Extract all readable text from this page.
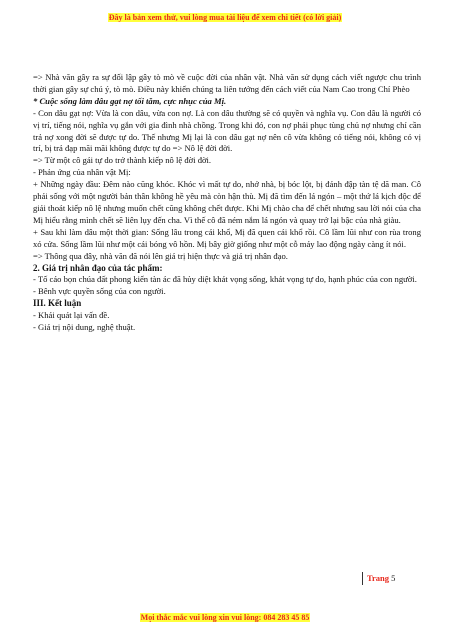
Đây là bản xem thử, vui lòng mua tài liệu để xem chi tiết (có lời giải)

=> Nhà văn gây ra sự đối lập gây tò mò về cuộc đời của nhân vật. Nhà văn sử dụng cách viết ngược chu trình thời gian gây sự chú ý, tò mò. Điều này khiến chúng ta liên tưởng đến cách viết của Nam Cao trong Chí Phèo

* Cuộc sống làm dâu gạt nợ tối tăm, cực nhục của Mị.

- Con dâu gạt nợ: Vừa là con dâu, vừa con nợ. Là con dâu thường sẽ có quyền và nghĩa vụ. Con dâu là người có vị trí, tiếng nói, nghĩa vụ gắn với gia đình nhà chồng. Trong khi đó, con nợ phải phục tùng chủ nợ nhưng chỉ cần trả nợ xong đời sẽ được tự do. Thế nhưng Mị lại là con dâu gạt nợ nên cô vừa không có tiếng nói, không có vị trí, bị trả đạp mãi mãi không được tự do => Nô lệ đời đời.

=> Từ một cô gái tự do trở thành kiếp nô lệ đời đời.

- Phản ứng của nhân vật Mị:

+ Những ngày đầu: Đêm nào cũng khóc. Khóc vì mất tự do, nhớ nhà, bị bóc lột, bị đánh đập tàn tệ dã man. Cô phải sống với một người bản thân không hề yêu mà còn hận thù. Mị đã tìm đến lá ngón – một thứ lá kịch độc để giải thoát kiếp nô lệ nhưng muốn chết cũng không chết được. Khi Mị chào cha để chết nhưng sau lời nói của cha Mị hiểu rằng mình chết sẽ liên lụy đến cha. Vì thế cô đã ném nắm lá ngón và quay trở lại bậc của nhà giàu.

+ Sau khi làm dâu một thời gian: Sống lâu trong cái khổ, Mị đã quen cái khổ rồi. Cô lầm lũi như con rùa trong xó cửa. Sống lầm lũi như một cái bóng vô hồn. Mị bây giờ giống như một cỗ máy lao động ngày càng ít nói.

=> Thông qua đây, nhà văn đã nói lên giá trị hiện thực và giá trị nhân đạo.

2. Giá trị nhân đạo của tác phẩm:

- Tố cáo bọn chúa đất phong kiến tàn ác đã hủy diệt khát vọng sống, khát vọng tự do, hạnh phúc của con người.

- Bênh vực quyền sống của con người.

III. Kết luận

- Khái quát lại vấn đề.

- Giá trị nội dung, nghệ thuật.

Trang 5
Mọi thắc mắc vui lòng xin vui lòng: 084 283 45 85
